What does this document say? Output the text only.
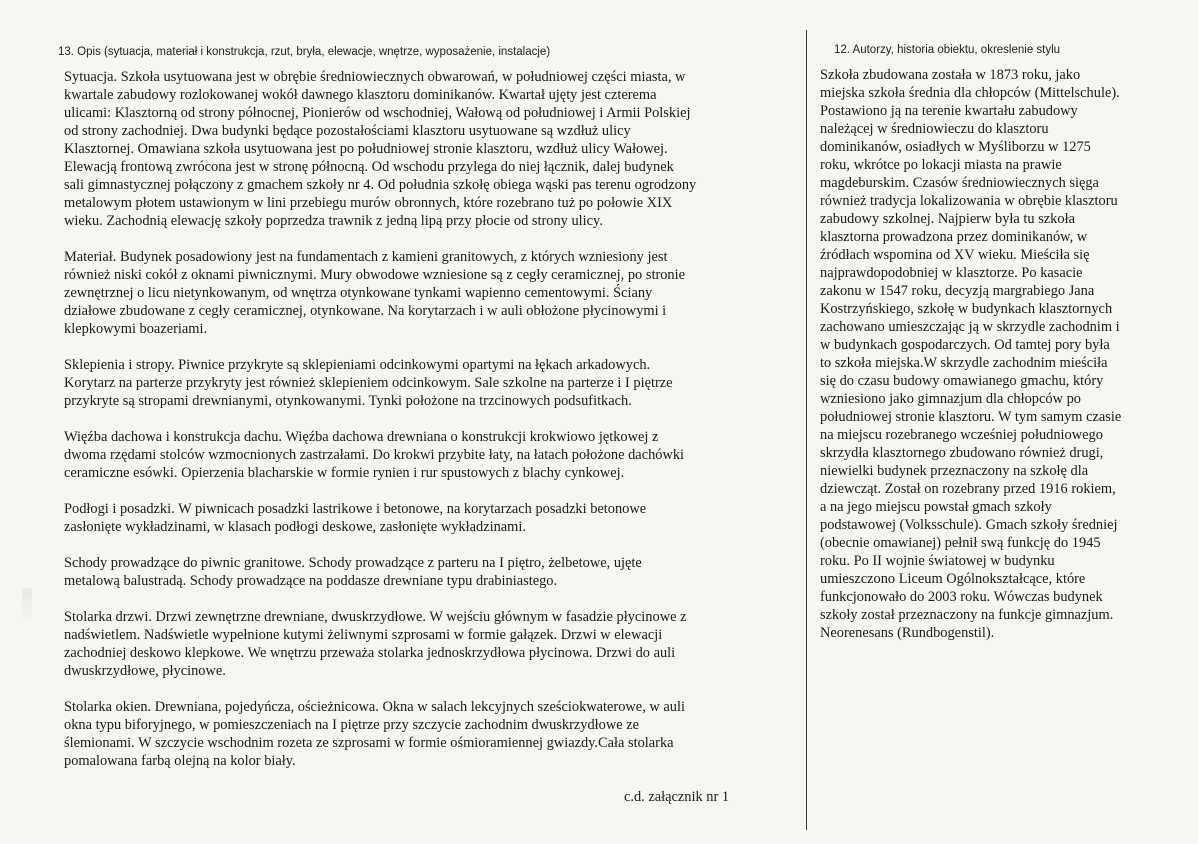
13. Opis (sytuacja, materiał i konstrukcja, rzut, bryła, elewacje, wnętrze, wyposażenie, instalacje)
Sytuacja. Szkoła usytuowana jest w obrębie średniowiecznych obwarowań, w południowej części miasta, w
kwartale zabudowy rozlokowanej wokół dawnego klasztoru dominikanów. Kwartał ujęty jest czterema
ulicami: Klasztorną od strony północnej, Pionierów od wschodniej, Wałową od południowej i Armii Polskiej
od strony zachodniej. Dwa budynki będące pozostałościami klasztoru usytuowane są wzdłuż ulicy
Klasztornej. Omawiana szkoła usytuowana jest po południowej stronie klasztoru, wzdłuż ulicy Wałowej.
Elewacją frontową zwrócona jest w stronę północną. Od wschodu przylega do niej łącznik, dalej budynek
sali gimnastycznej połączony z gmachem szkoły nr 4. Od południa szkołę obiega wąski pas terenu ogrodzony
metalowym płotem ustawionym w lini przebiegu murów obronnych, które rozebrano tuż po połowie XIX
wieku. Zachodnią elewację szkoły poprzedza trawnik z jedną lipą przy płocie od strony ulicy.
Materiał. Budynek posadowiony jest na fundamentach z kamieni granitowych, z których wzniesiony jest
również niski cokół z oknami piwnicznymi. Mury obwodowe wzniesione są z cegły ceramicznej, po stronie
zewnętrznej o licu nietynkowanym, od wnętrza otynkowane tynkami wapienno cementowymi. Ściany
działowe zbudowane z cegły ceramicznej, otynkowane. Na korytarzach i w auli obłożone płycinowymi i
klepkowymi boazeriami.
Sklepienia i stropy. Piwnice przykryte są sklepieniami odcinkowymi opartymi na łękach arkadowych.
Korytarz na parterze przykryty jest również sklepieniem odcinkowym. Sale szkolne na parterze i I piętrze
przykryte są stropami drewnianymi, otynkowanymi. Tynki położone na trzcinowych podsufitkach.
Więźba dachowa i konstrukcja dachu. Więźba dachowa drewniana o konstrukcji krokwiowo jętkowej z
dwoma rzędami stolców wzmocnionych zastrzałami. Do krokwi przybite łaty, na łatach położone dachówki
ceramiczne esówki. Opierzenia blacharskie w formie rynien i rur spustowych z blachy cynkowej.
Podłogi i posadzki. W piwnicach posadzki lastrikowe i betonowe, na korytarzach posadzki betonowe
zasłonięte wykładzinami, w klasach podłogi deskowe, zasłonięte wykładzinami.
Schody prowadzące do piwnic granitowe. Schody prowadzące z parteru na I piętro, żelbetowe, ujęte
metalową balustradą. Schody prowadzące na poddasze drewniane typu drabiniastego.
Stolarka drzwi. Drzwi zewnętrzne drewniane, dwuskrzydłowe. W wejściu głównym w fasadzie płycinowe z
nadświetlem. Nadświetle wypełnione kutymi żeliwnymi szprosami w formie gałązek. Drzwi w elewacji
zachodniej deskowo klepkowe. We wnętrzu przeważa stolarka jednoskrzydłowa płycinowa. Drzwi do auli
dwuskrzydłowe, płycinowe.
Stolarka okien. Drewniana, pojedyńcza, ościeżnicowa. Okna w salach lekcyjnych sześciokwaterowe, w auli
okna typu biforyjnego, w pomieszczeniach na I piętrze przy szczycie zachodnim dwuskrzydłowe ze
ślemionami. W szczycie wschodnim rozeta ze szprosami w formie ośmioramiennej gwiazdy.Cała stolarka
pomalowana farbą olejną na kolor biały.
c.d. załącznik nr 1
12. Autorzy, historia obiektu, okreslenie stylu
Szkoła zbudowana została w 1873 roku, jako
miejska szkoła średnia dla chłopców (Mittelschule).
Postawiono ją na terenie kwartału zabudowy
należącej w średniowieczu do klasztoru
dominikanów, osiadłych w Myśliborzu w 1275
roku, wkrótce po lokacji miasta na prawie
magdeburskim. Czasów średniowiecznych sięga
również tradycja lokalizowania w obrębie klasztoru
zabudowy szkolnej. Najpierw była tu szkoła
klasztorna prowadzona przez dominikanów, w
źródłach wspomina od XV wieku. Mieściła się
najprawdopodobniej w klasztorze. Po kasacie
zakonu w 1547 roku, decyzją margrabiego Jana
Kostrzyńskiego, szkołę w budynkach klasztornych
zachowano umieszczając ją w skrzydle zachodnim i
w budynkach gospodarczych. Od tamtej pory była
to szkoła miejska.W skrzydle zachodnim mieściła
się do czasu budowy omawianego gmachu, który
wzniesiono jako gimnazjum dla chłopców po
południowej stronie klasztoru. W tym samym czasie
na miejscu rozebranego wcześniej południowego
skrzydła klasztornego zbudowano również drugi,
niewielki budynek przeznaczony na szkołę dla
dziewcząt. Został on rozebrany przed 1916 rokiem,
a na jego miejscu powstał gmach szkoły
podstawowej (Volksschule). Gmach szkoły średniej
(obecnie omawianej) pełnił swą funkcję do 1945
roku. Po II wojnie światowej w budynku
umieszczono Liceum Ogólnokształcące, które
funkcjonowało do 2003 roku. Wówczas budynek
szkoły został przeznaczony na funkcje gimnazjum.
Neorenesans (Rundbogenstil).
